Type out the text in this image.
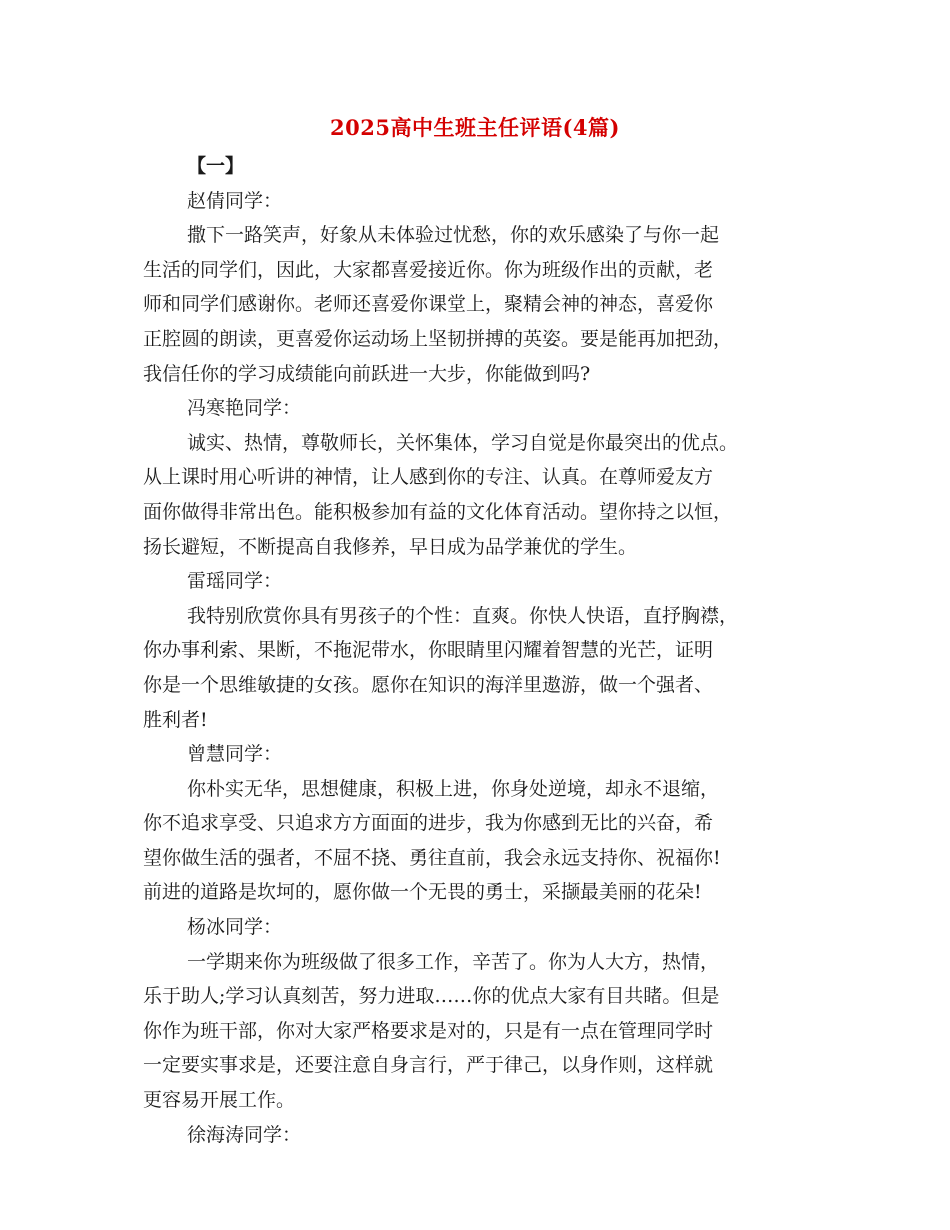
2025高中生班主任评语(4篇)

【一】

赵倩同学：

撒下一路笑声，好象从未体验过忧愁，你的欢乐感染了与你一起

生活的同学们，因此，大家都喜爱接近你。你为班级作出的贡献，老

师和同学们感谢你。老师还喜爱你课堂上，聚精会神的神态，喜爱你

正腔圆的朗读，更喜爱你运动场上坚韧拼搏的英姿。要是能再加把劲，

我信任你的学习成绩能向前跃进一大步，你能做到吗?

冯寒艳同学：

诚实、热情，尊敬师长，关怀集体，学习自觉是你最突出的优点。

从上课时用心听讲的神情，让人感到你的专注、认真。在尊师爱友方

面你做得非常出色。能积极参加有益的文化体育活动。望你持之以恒，

扬长避短，不断提高自我修养，早日成为品学兼优的学生。

雷瑶同学：

我特别欣赏你具有男孩子的个性：直爽。你快人快语，直抒胸襟，

你办事利索、果断，不拖泥带水，你眼睛里闪耀着智慧的光芒，证明

你是一个思维敏捷的女孩。愿你在知识的海洋里遨游，做一个强者、

胜利者!

曾慧同学：

你朴实无华，思想健康，积极上进，你身处逆境，却永不退缩，

你不追求享受、只追求方方面面的进步，我为你感到无比的兴奋，希

望你做生活的强者，不屈不挠、勇往直前，我会永远支持你、祝福你!

前进的道路是坎坷的，愿你做一个无畏的勇士，采撷最美丽的花朵!

杨冰同学：

一学期来你为班级做了很多工作，辛苦了。你为人大方，热情，

乐于助人;学习认真刻苦，努力进取……你的优点大家有目共睹。但是

你作为班干部，你对大家严格要求是对的，只是有一点在管理同学时

一定要实事求是，还要注意自身言行，严于律己，以身作则，这样就

更容易开展工作。

徐海涛同学：
